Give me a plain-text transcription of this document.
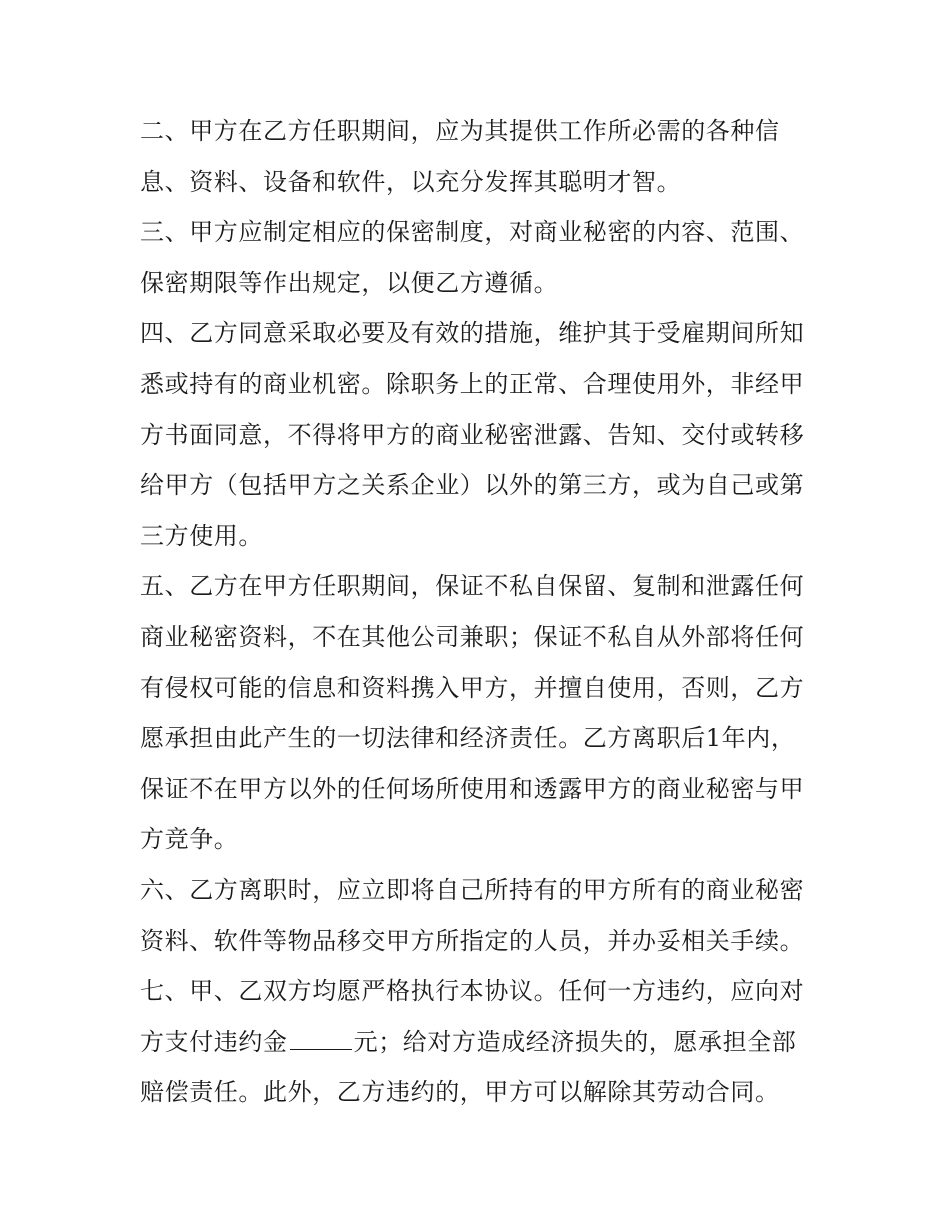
二、甲方在乙方任职期间，应为其提供工作所必需的各种信
息、资料、设备和软件，以充分发挥其聪明才智。
三、甲方应制定相应的保密制度，对商业秘密的内容、范围、
保密期限等作出规定，以便乙方遵循。
四、乙方同意采取必要及有效的措施，维护其于受雇期间所知
悉或持有的商业机密。除职务上的正常、合理使用外，非经甲
方书面同意，不得将甲方的商业秘密泄露、告知、交付或转移
给甲方（包括甲方之关系企业）以外的第三方，或为自己或第
三方使用。
五、乙方在甲方任职期间，保证不私自保留、复制和泄露任何
商业秘密资料，不在其他公司兼职；保证不私自从外部将任何
有侵权可能的信息和资料携入甲方，并擅自使用，否则，乙方
愿承担由此产生的一切法律和经济责任。乙方离职后1年内，
保证不在甲方以外的任何场所使用和透露甲方的商业秘密与甲
方竞争。
六、乙方离职时，应立即将自己所持有的甲方所有的商业秘密
资料、软件等物品移交甲方所指定的人员，并办妥相关手续。
七、甲、乙双方均愿严格执行本协议。任何一方违约，应向对
方支付违约金	元；给对方造成经济损失的，愿承担全部
赔偿责任。此外，乙方违约的，甲方可以解除其劳动合同。
